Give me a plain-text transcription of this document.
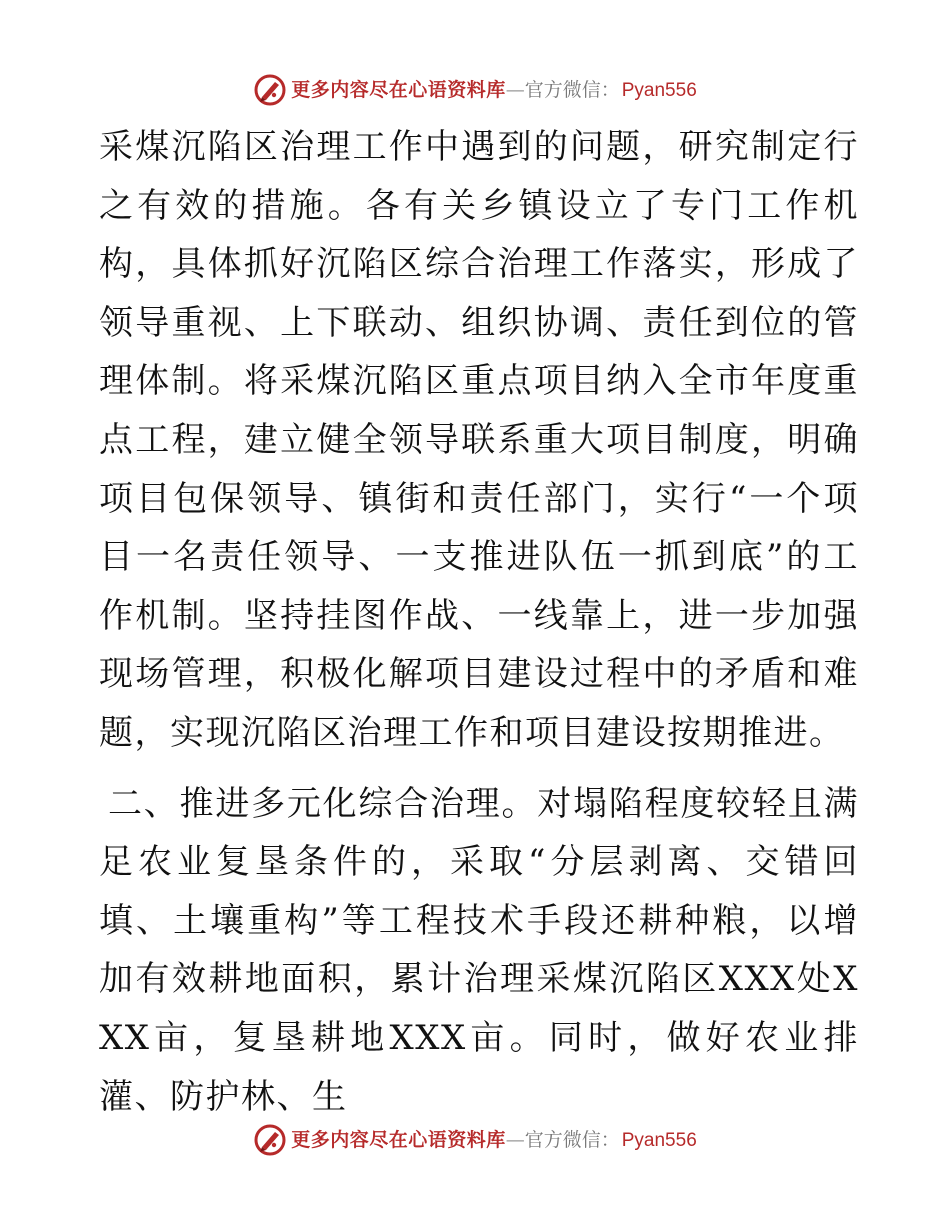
更多内容尽在心语资料库—官方微信： Pyan556

采煤沉陷区治理工作中遇到的问题，研究制定行之有效的措施。各有关乡镇设立了专门工作机构，具体抓好沉陷区综合治理工作落实，形成了领导重视、上下联动、组织协调、责任到位的管理体制。将采煤沉陷区重点项目纳入全市年度重点工程，建立健全领导联系重大项目制度，明确项目包保领导、镇街和责任部门，实行“一个项目一名责任领导、一支推进队伍一抓到底”的工作机制。坚持挂图作战、一线靠上，进一步加强现场管理，积极化解项目建设过程中的矛盾和难题，实现沉陷区治理工作和项目建设按期推进。

二、推进多元化综合治理。对塌陷程度较轻且满足农业复垦条件的，采取“分层剥离、交错回填、土壤重构”等工程技术手段还耕种粮，以增加有效耕地面积，累计治理采煤沉陷区XXX处XXX亩，复垦耕地XXX亩。同时，做好农业排灌、防护林、生

更多内容尽在心语资料库—官方微信： Pyan556
